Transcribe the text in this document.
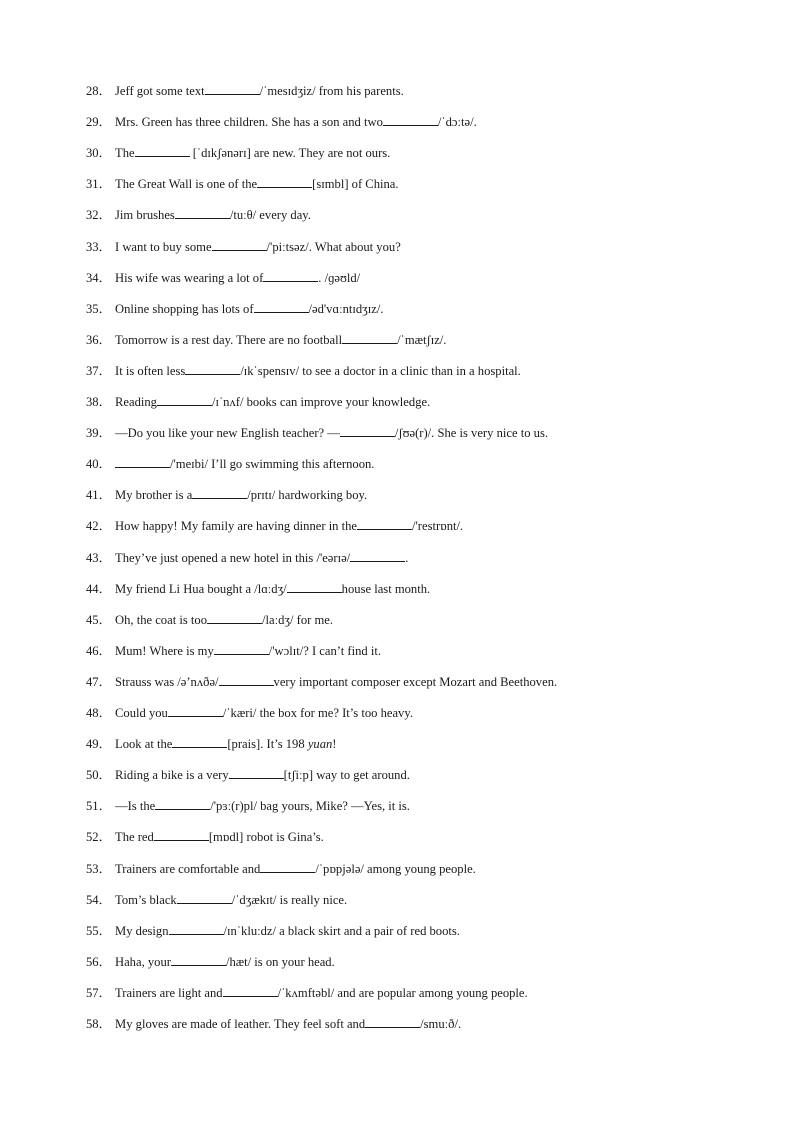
28． Jeff got some text	/ˈmesɪdʒiz/ from his parents.
29． Mrs. Green has three children. She has a son and two	/ˈdɔːtə/.
30． The	[ˈdɪkʃənərɪ] are new. They are not ours.
31． The Great Wall is one of the	[sɪmbl] of China.
32． Jim brushes	/tuːθ/ every day.
33． I want to buy some	/'piːtsəz/. What about you?
34． His wife was wearing a lot of	. /ɡəʊld/
35． Online shopping has lots of	/əd'vɑːntɪdʒɪz/.
36． Tomorrow is a rest day. There are no football	/ˈmætʃɪz/.
37． It is often less	/ɪkˈspensɪv/ to see a doctor in a clinic than in a hospital.
38． Reading	/ɪˈnʌf/ books can improve your knowledge.
39． —Do you like your new English teacher? —	/ʃʊə(r)/. She is very nice to us.
40．	/'meɪbi/ I’ll go swimming this afternoon.
41． My brother is a	/prɪtɪ/ hardworking boy.
42． How happy! My family are having dinner in the	/'restrɒnt/.
43． They’ve just opened a new hotel in this /'eərɪə/	.
44． My friend Li Hua bought a /lɑːdʒ/	house last month.
45． Oh, the coat is too	/laːdʒ/ for me.
46． Mum! Where is my	/'wɔlɪt/? I can’t find it.
47． Strauss was /ə’nʌðə/	very important composer except Mozart and Beethoven.
48． Could you	/ˈkæri/ the box for me? It’s too heavy.
49． Look at the	[prais]. It’s 198 yuan!
50． Riding a bike is a very	[tʃiːp] way to get around.
51． —Is the	/'pɜː(r)pl/ bag yours, Mike? —Yes, it is.
52． The red	[mɒdl] robot is Gina’s.
53． Trainers are comfortable and	/ˈpɒpjələ/ among young people.
54． Tom’s black	/ˈdʒækɪt/ is really nice.
55． My design	/ɪnˈkluːdz/ a black skirt and a pair of red boots.
56． Haha, your	/hæt/ is on your head.
57． Trainers are light and	/ˈkʌmftəbl/ and are popular among young people.
58． My gloves are made of leather. They feel soft and	/smuːð/.
